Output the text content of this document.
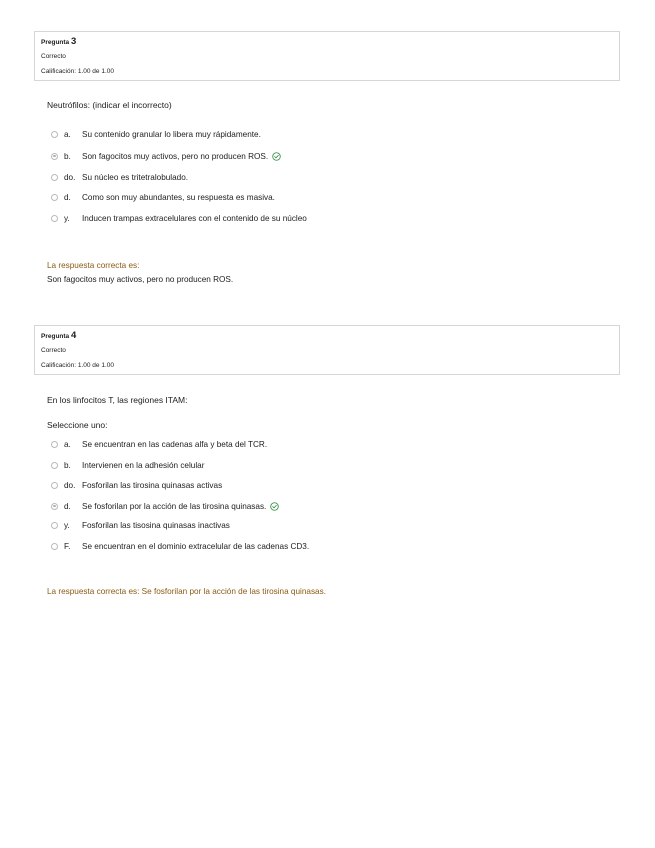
Pregunta 3
Correcto
Calificación: 1.00 de 1.00
Neutrófilos: (indicar el incorrecto)
a.	Su contenido granular lo libera muy rápidamente.
b.	Son fagocitos muy activos, pero no producen ROS.
do. Su núcleo es tritetralobulado.
d.	Como son muy abundantes, su respuesta es masiva.
y.	Inducen trampas extracelulares con el contenido de su núcleo
La respuesta correcta es:
Son fagocitos muy activos, pero no producen ROS.
Pregunta 4
Correcto
Calificación: 1.00 de 1.00
En los linfocitos T, las regiones ITAM:
Seleccione uno:
a.	Se encuentran en las cadenas alfa y beta del TCR.
b.	Intervienen en la adhesión celular
do. Fosforilan las tirosina quinasas activas
d.	Se fosforilan por la acción de las tirosina quinasas.
y.	Fosforilan las tisosina quinasas inactivas
F.	Se encuentran en el dominio extracelular de las cadenas CD3.
La respuesta correcta es: Se fosforilan por la acción de las tirosina quinasas.
